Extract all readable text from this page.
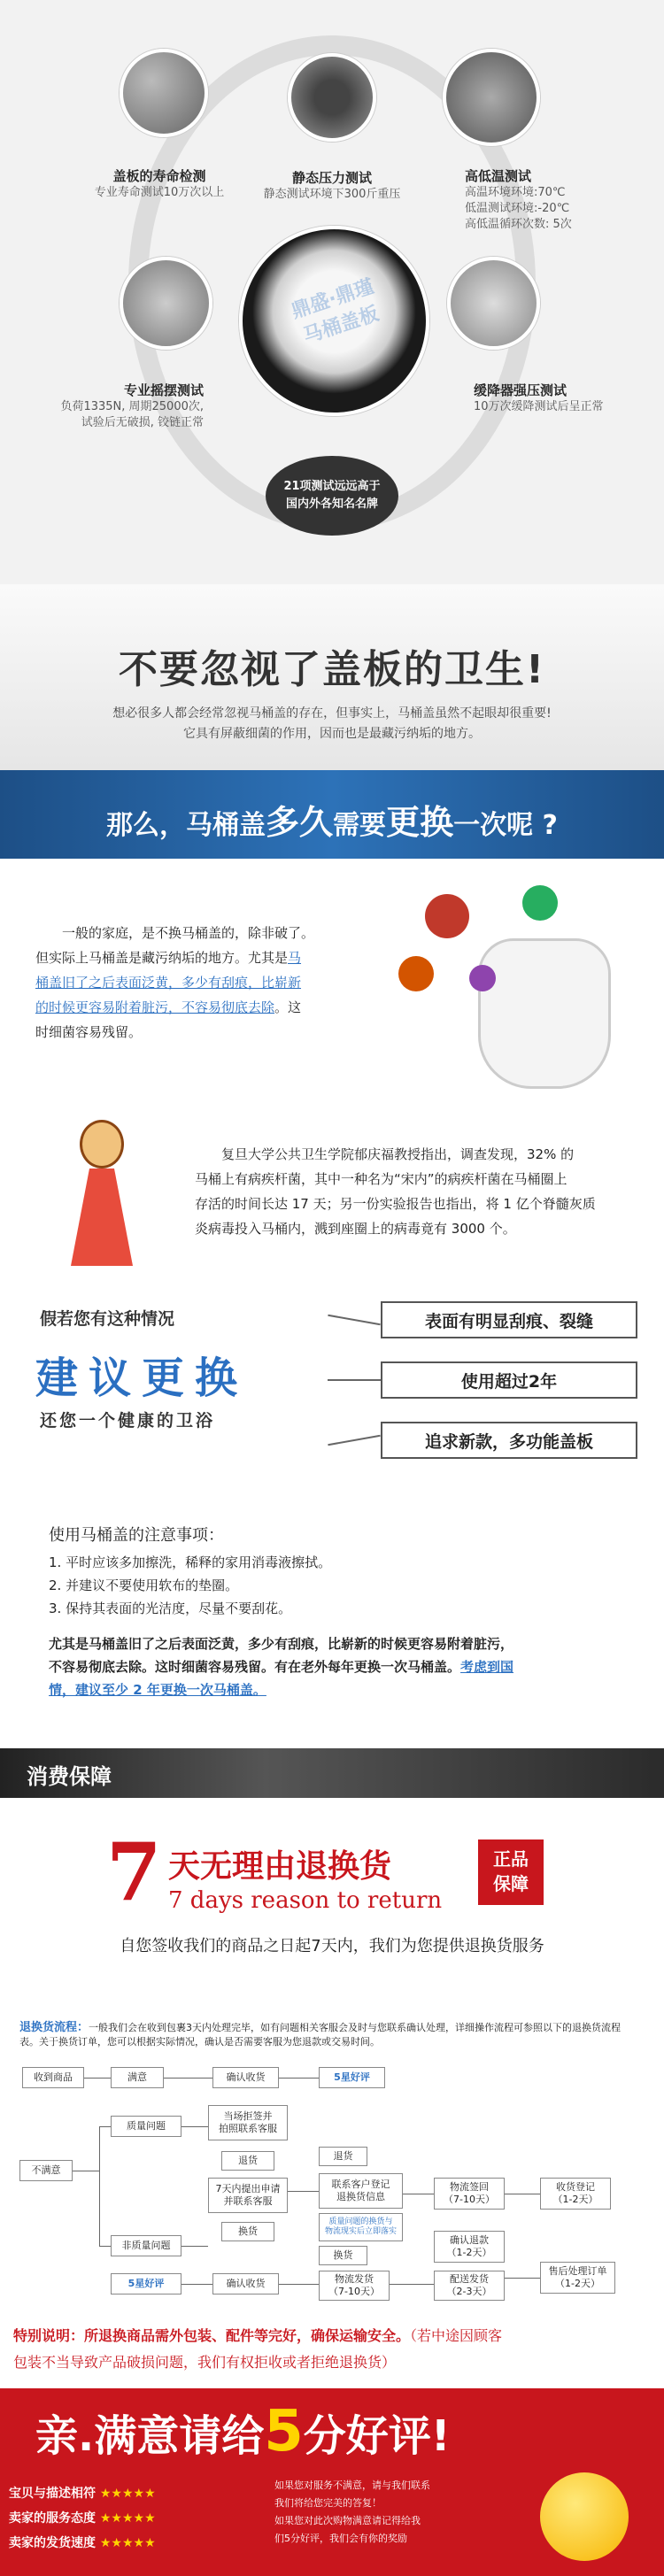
盖板的寿命检测
专业寿命测试10万次以上
静态压力测试
静态测试环境下300斤重压
高低温测试
高温环境环境:70℃
低温测试环境:-20℃
高低温循环次数: 5次
鼎盛·鼎瑾
马桶盖板
专业摇摆测试
负荷1335N, 周期25000次,
试验后无破损, 铰链正常
缓降器强压测试
10万次缓降测试后呈正常
21项测试远远高于
国内外各知名名牌
不要忽视了盖板的卫生!
想必很多人都会经常忽视马桶盖的存在，但事实上，马桶盖虽然不起眼却很重要!
它具有屏蔽细菌的作用，因而也是最藏污纳垢的地方。
那么，马桶盖多久需要更换一次呢 ?
一般的家庭，是不换马桶盖的，除非破了。
但实际上马桶盖是藏污纳垢的地方。尤其是马
桶盖旧了之后表面泛黄，多少有刮痕，比崭新
的时候更容易附着脏污，不容易彻底去除。这
时细菌容易残留。
复旦大学公共卫生学院郁庆福教授指出，调查发现，32% 的
马桶上有病疾杆菌，其中一种名为“宋内”的病疾杆菌在马桶圈上
存活的时间长达 17 天；另一份实验报告也指出，将 1 亿个脊髓灰质
炎病毒投入马桶内，溅到座圈上的病毒竟有 3000 个。
假若您有这种情况
建议更换
还您一个健康的卫浴
表面有明显刮痕、裂缝
使用超过2年
追求新款，多功能盖板
使用马桶盖的注意事项：
1. 平时应该多加擦洗，稀释的家用消毒液擦拭。
2. 并建议不要使用软布的垫圈。
3. 保持其表面的光洁度，尽量不要刮花。
尤其是马桶盖旧了之后表面泛黄，多少有刮痕，比崭新的时候更容易附着脏污，
不容易彻底去除。这时细菌容易残留。有在老外每年更换一次马桶盖。考虑到国
情，建议至少 2 年更换一次马桶盖。
消费保障
7 天无理由退换货
7 days reason to return
正品
保障
自您签收我们的商品之日起7天内，我们为您提供退换货服务
退换货流程：一般我们会在收到包裹3天内处理完毕，如有问题相关客服会及时与您联系确认处理，详细操作流程可参照以下的退换货流程表。关于换货订单，您可以根据实际情况，确认是否需要客服为您退款或交易时间。
收到商品	满意	确认收货	5星好评
质量问题
当场拒签并
拍照联系客服
不满意
退货
7天内提出申请
并联系客服
换货
退货
联系客户登记
退换货信息
质量问题的换货与
物流现实后立即落实
换货
物流签回
（7-10天）
收货登记
（1-2天）
非质量问题
5星好评	确认收货	物流发货
（7-10天）
确认退款
（1-2天）
配送发货
（2-3天）
售后处理订单
（1-2天）
特别说明：所退换商品需外包装、配件等完好，确保运输安全。（若中途因顾客
包装不当导致产品破损问题，我们有权拒收或者拒绝退换货）
亲.满意请给5分好评!
宝贝与描述相符 ★★★★★
卖家的服务态度 ★★★★★
卖家的发货速度 ★★★★★
如果您对服务不满意，请与我们联系
我们将给您完美的答复！
如果您对此次购物满意请记得给我
们5分好评，我们会有你的奖励
